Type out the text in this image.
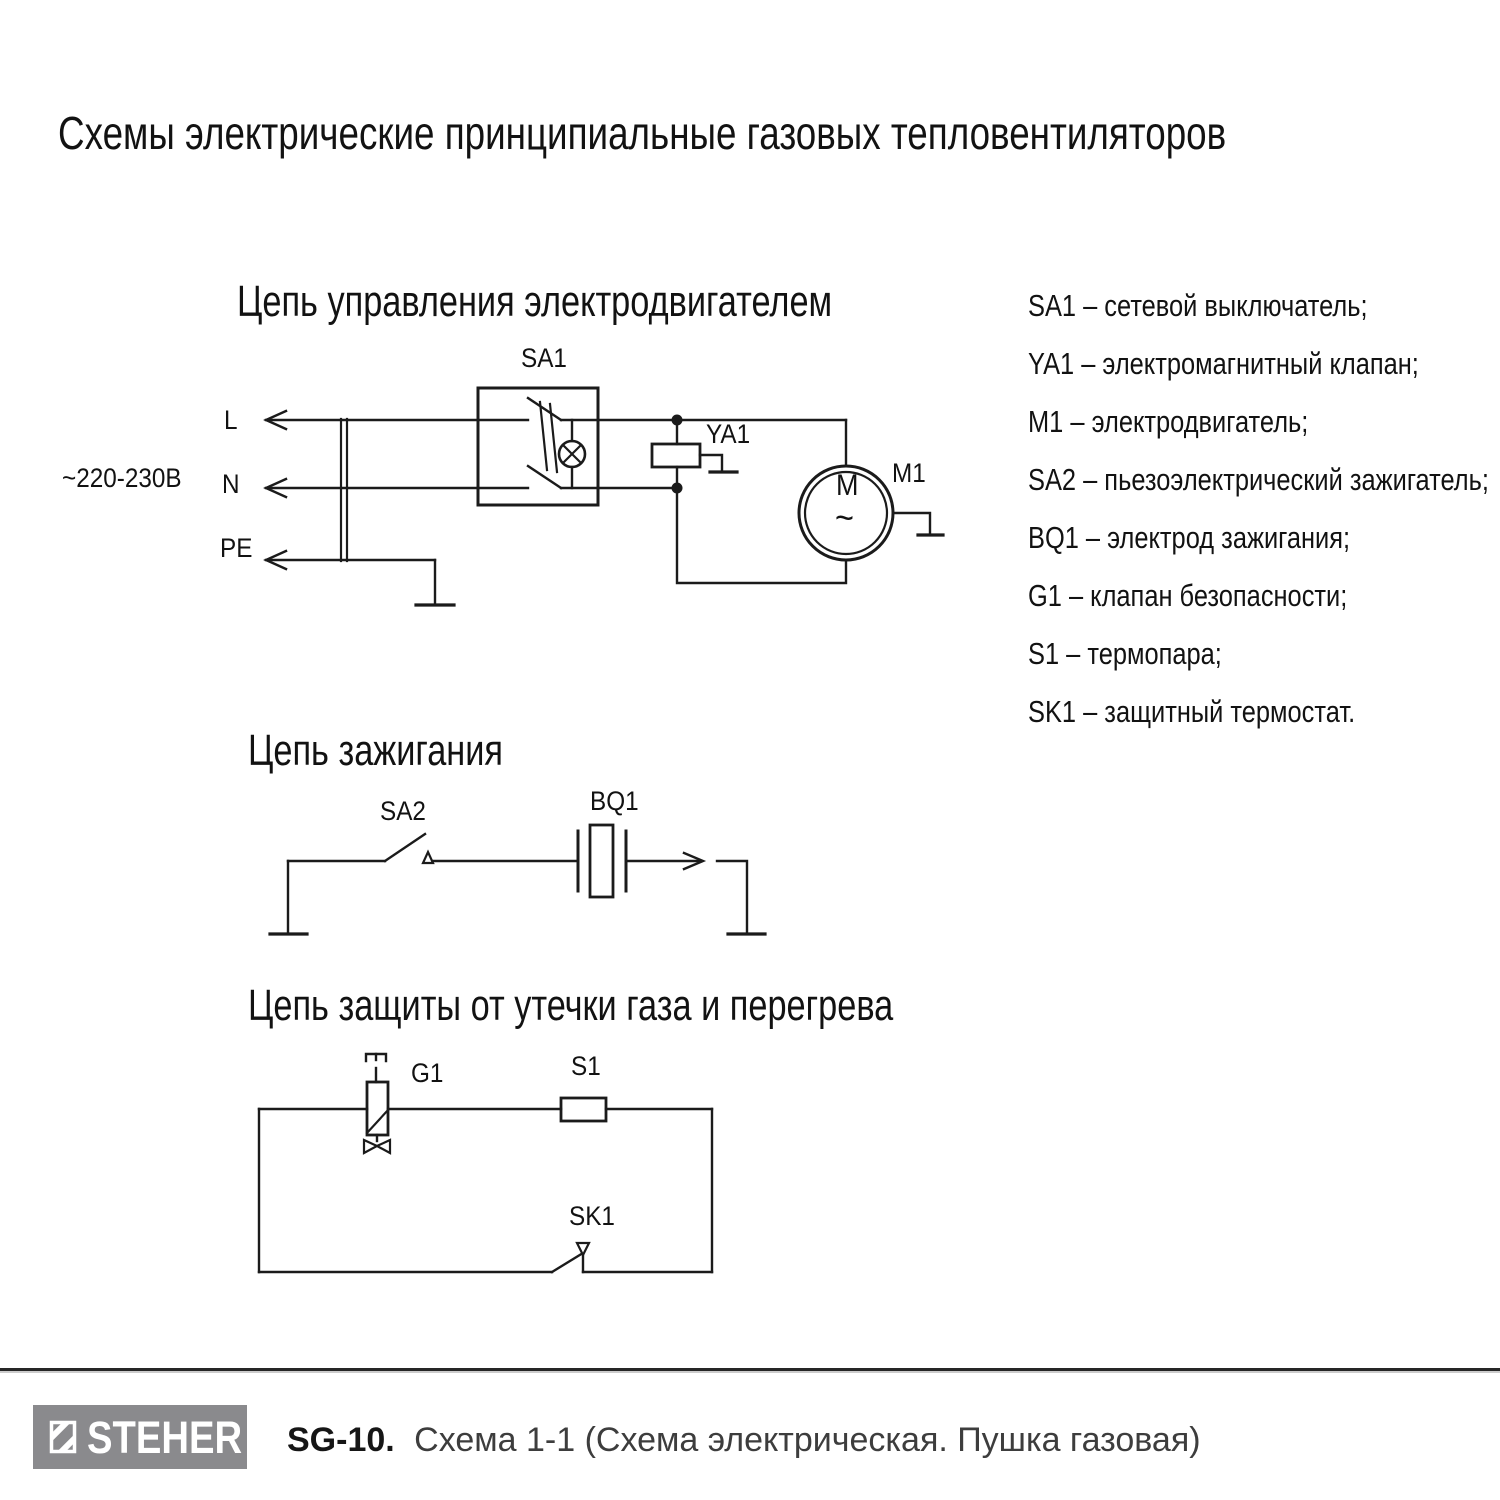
Схемы электрические принципиальные газовых тепловентиляторов
Цепь управления электродвигателем
Цепь зажигания
Цепь защиты от утечки газа и перегрева
~220-230В
L
N
PE
SA1
YA1
M1
M
~
SA2	BQ1
G1	S1
SK1
SA1 – сетевой выключатель;
YA1 – электромагнитный клапан;
M1 – электродвигатель;
SA2 – пьезоэлектрический зажигатель;
BQ1 – электрод зажигания;
G1 – клапан безопасности;
S1 – термопара;
SK1 – защитный термостат.
STEHER SG-10. Схема 1-1 (Схема электрическая. Пушка газовая)
